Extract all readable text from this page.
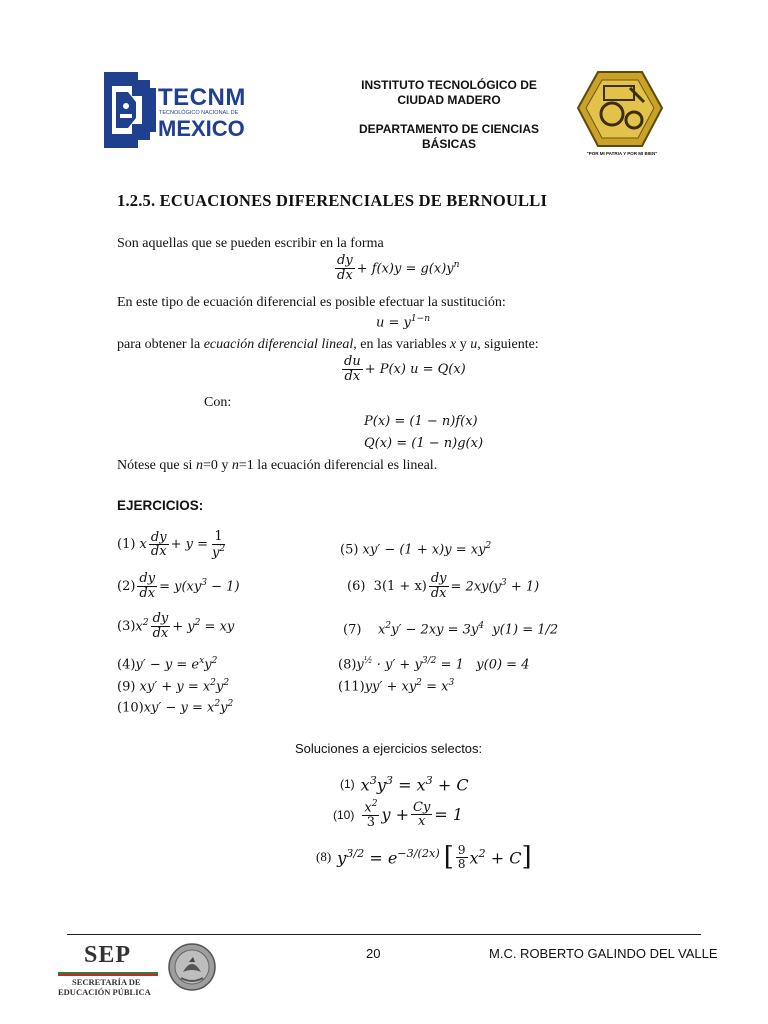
TECNM
TECNOLÓGICO NACIONAL DE
MEXICO
INSTITUTO TECNOLÓGICO DE
CIUDAD MADERO
DEPARTAMENTO DE CIENCIAS
BÁSICAS
"POR MI PATRIA Y POR MI BIEN"
1.2.5. ECUACIONES DIFERENCIALES DE BERNOULLI
Son aquellas que se pueden escribir en la forma
$\frac{dy}{dx} + f(x)y = g(x)y^n$
En este tipo de ecuación diferencial es posible efectuar la sustitución:
$u = y^{1-n}$
para obtener la ecuación diferencial lineal, en las variables x y u, siguiente:
$\frac{du}{dx} + P(x) u = Q(x)$
Con:
P(x) = (1 − n)f(x)
Q(x) = (1 − n)g(x)
Nótese que si n=0 y n=1 la ecuación diferencial es lineal.
EJERCICIOS:
(1) x $\frac{dy}{dx} + y = \frac{1}{y^2}$	(5) $xy' - (1 + x)y = xy^2$
$(2) \frac{dy}{dx} = y(xy^3 - 1)$	(6)  $3(1 + x) \frac{dy}{dx} = 2xy(y^3 + 1)$
(3) $x^2 \frac{dy}{dx} + y^2$ = xy	(7)    $x^2y' - 2xy = 3y^4$  y(1) = 1/2
$(4)y' - y = e^xy^2$	$(8)y^{\frac{1}{2}} \cdot y' + y^{3/2} = 1$   y(0) = 4
(9) $xy' + y = x^2y^2$	$(11)yy' + xy^2 = x^3$
$(10)xy' - y = x^2y^2$
Soluciones a ejercicios selectos:
(1) $x^3y^3 = x^3 + C$
$(10) \frac{x^2}{3}$ $y + \frac{Cy}{x} = 1$
(8) $y^{3/2} = e^{-3/(2x)}$ [ $\frac{9}{8} x^2 + C$ ]
SEP
SECRETARÍA DE
EDUCACIÓN PÚBLICA
20	M.C. ROBERTO GALINDO DEL VALLE
